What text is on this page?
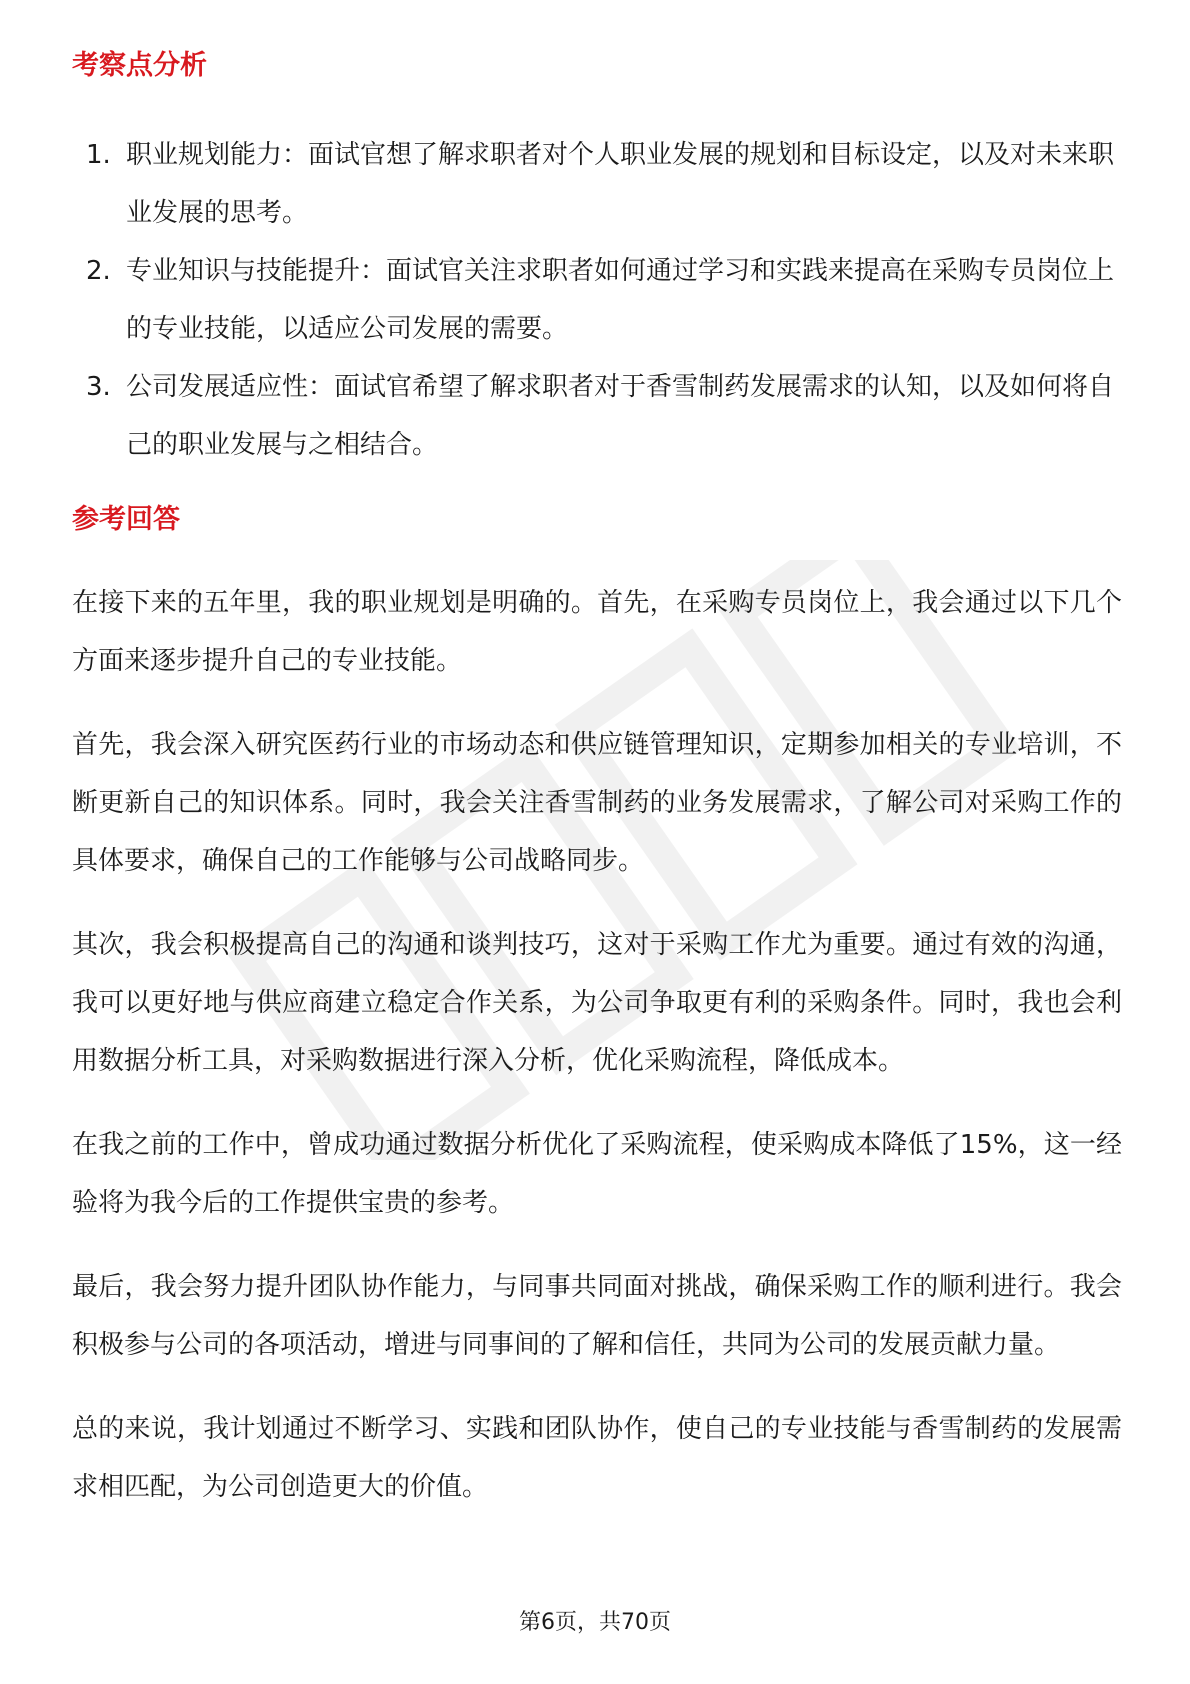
考察点分析
1. 职业规划能力：面试官想了解求职者对个人职业发展的规划和目标设定，以及对未来职业发展的思考。
2. 专业知识与技能提升：面试官关注求职者如何通过学习和实践来提高在采购专员岗位上的专业技能，以适应公司发展的需要。
3. 公司发展适应性：面试官希望了解求职者对于香雪制药发展需求的认知，以及如何将自己的职业发展与之相结合。
参考回答

在接下来的五年里，我的职业规划是明确的。首先，在采购专员岗位上，我会通过以下几个方面来逐步提升自己的专业技能。

首先，我会深入研究医药行业的市场动态和供应链管理知识，定期参加相关的专业培训，不断更新自己的知识体系。同时，我会关注香雪制药的业务发展需求，了解公司对采购工作的具体要求，确保自己的工作能够与公司战略同步。

其次，我会积极提高自己的沟通和谈判技巧，这对于采购工作尤为重要。通过有效的沟通，我可以更好地与供应商建立稳定合作关系，为公司争取更有利的采购条件。同时，我也会利用数据分析工具，对采购数据进行深入分析，优化采购流程，降低成本。

在我之前的工作中，曾成功通过数据分析优化了采购流程，使采购成本降低了15%，这一经验将为我今后的工作提供宝贵的参考。

最后，我会努力提升团队协作能力，与同事共同面对挑战，确保采购工作的顺利进行。我会积极参与公司的各项活动，增进与同事间的了解和信任，共同为公司的发展贡献力量。

总的来说，我计划通过不断学习、实践和团队协作，使自己的专业技能与香雪制药的发展需求相匹配，为公司创造更大的价值。

第6页，共70页
